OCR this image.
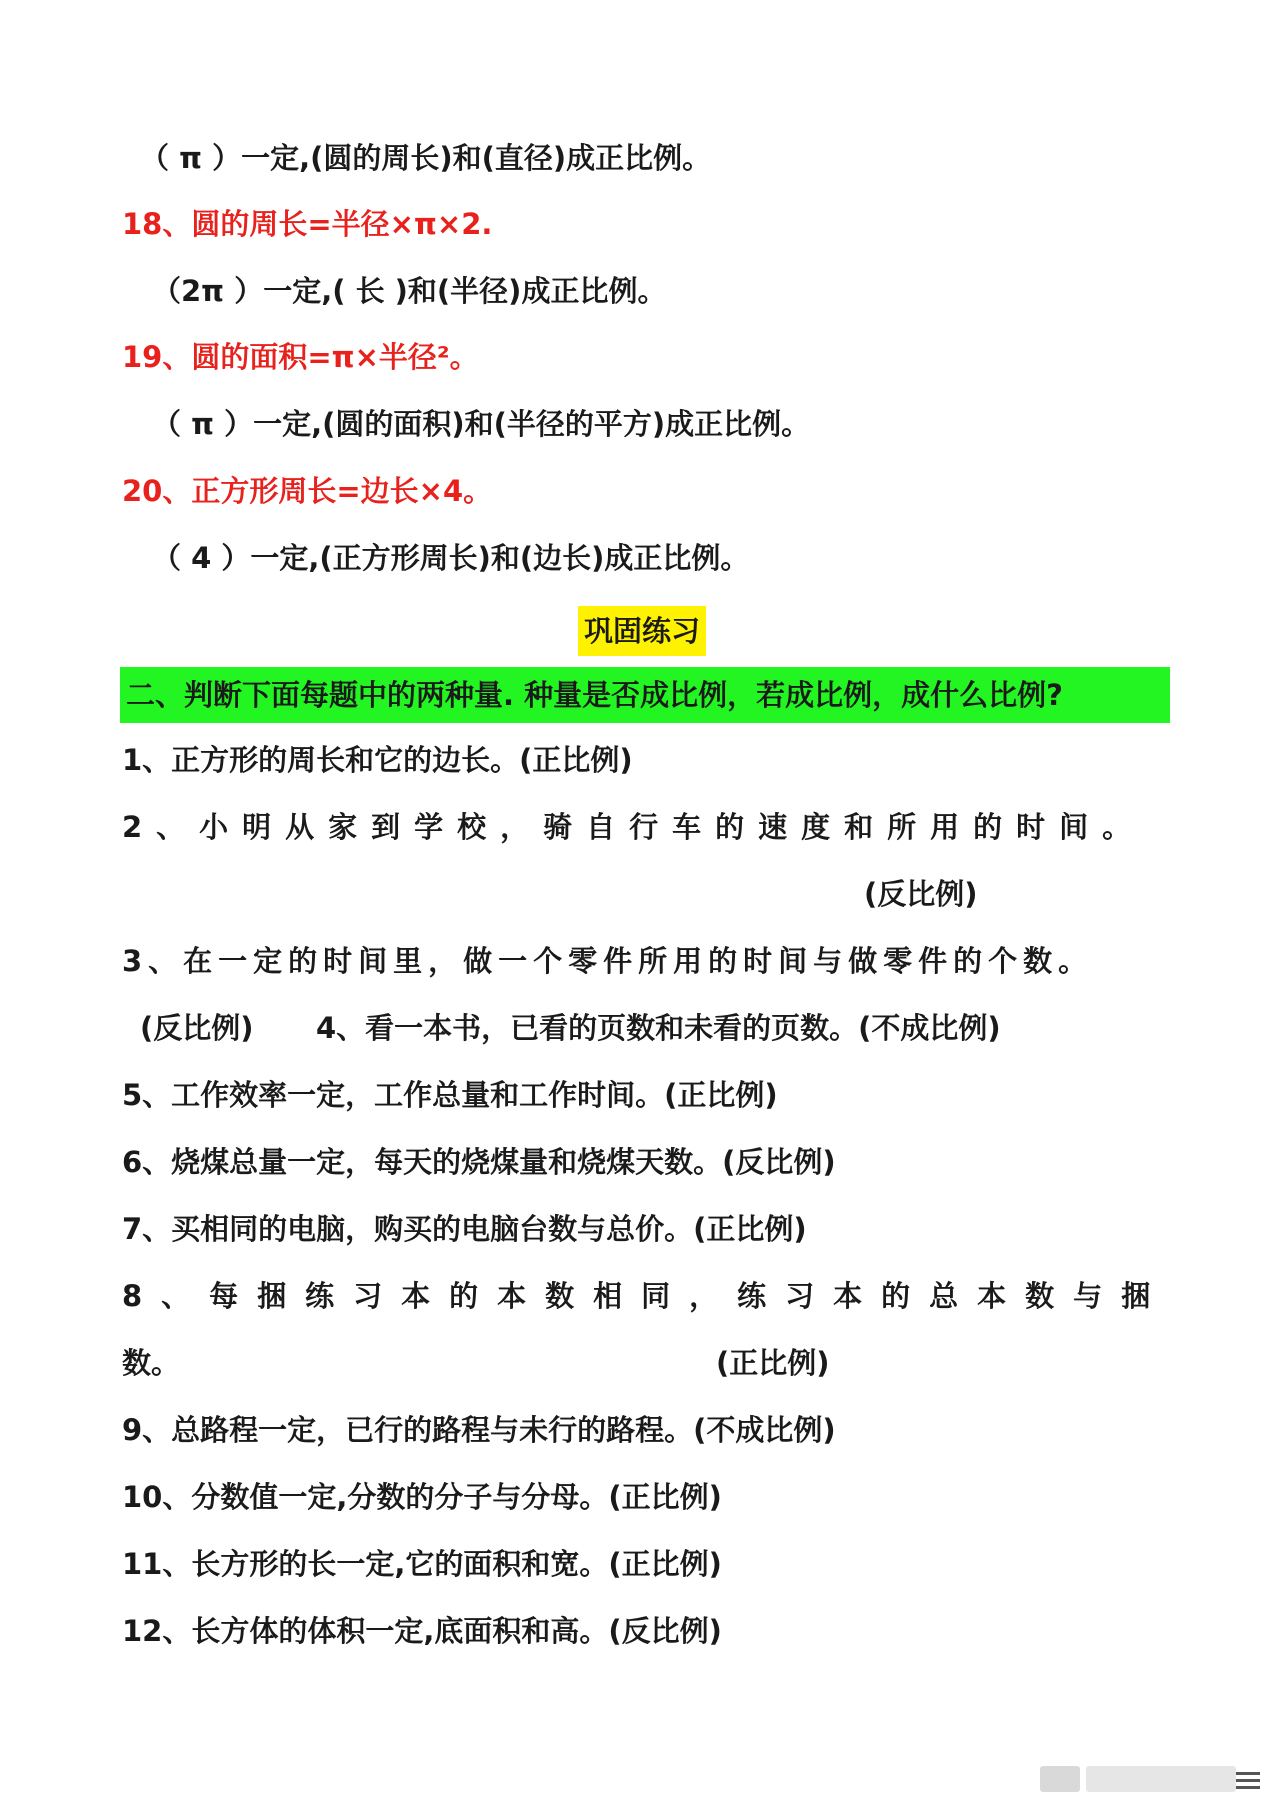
（ π ）一定,(圆的周长)和(直径)成正比例。
18、圆的周长=半径×π×2.
（2π ）一定,( 长 )和(半径)成正比例。
19、圆的面积=π×半径²。
（ π ）一定,(圆的面积)和(半径的平方)成正比例。
20、正方形周长=边长×4。
（ 4 ）一定,(正方形周长)和(边长)成正比例。
巩固练习
二、判断下面每题中的两种量. 种量是否成比例，若成比例，成什么比例?
1、正方形的周长和它的边长。(正比例)
2、小明从家到学校，骑自行车的速度和所用的时间。
(反比例)
3、在一定的时间里，做一个零件所用的时间与做零件的个数。
(反比例) 4、看一本书，已看的页数和未看的页数。(不成比例)
5、工作效率一定，工作总量和工作时间。(正比例)
6、烧煤总量一定，每天的烧煤量和烧煤天数。(反比例)
7、买相同的电脑，购买的电脑台数与总价。(正比例)
8、每捆练习本的本数相同，练习本的总本数与捆
数。	(正比例)
9、总路程一定，已行的路程与未行的路程。(不成比例)
10、分数值一定,分数的分子与分母。(正比例)
11、长方形的长一定,它的面积和宽。(正比例)
12、长方体的体积一定,底面积和高。(反比例)
